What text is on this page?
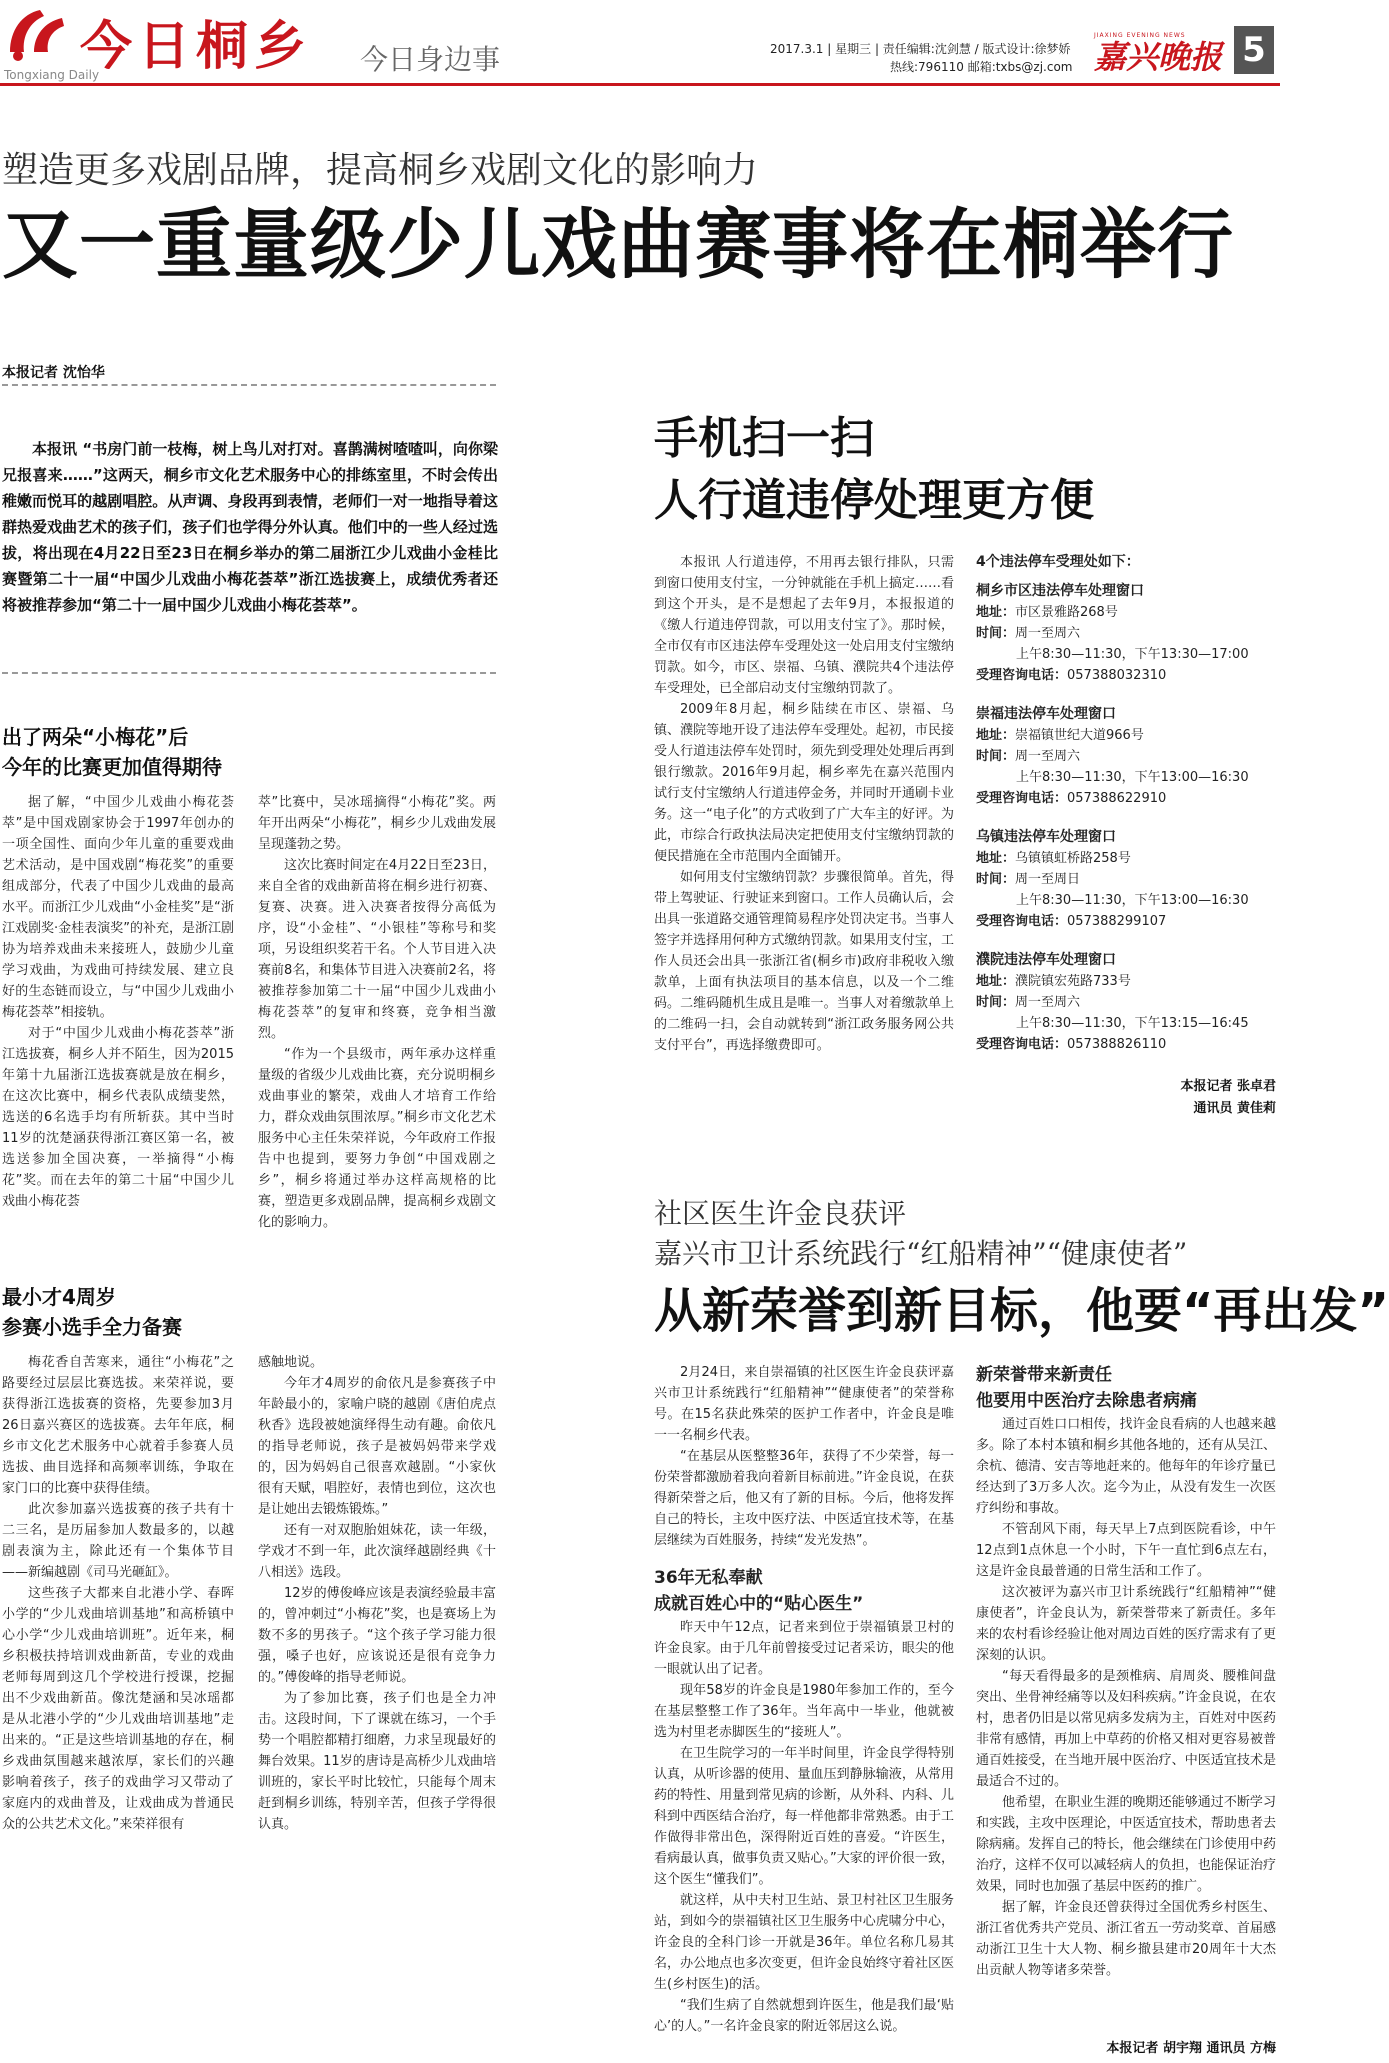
今日桐乡
Tongxiang Daily	今日身边事	2017.3.1 | 星期三 | 责任编辑:沈剑慧 / 版式设计:徐梦娇
热线:796110 邮箱:txbs@zj.com
JIAXING EVENING NEWS
嘉兴晚报 5
塑造更多戏剧品牌，提高桐乡戏剧文化的影响力
又一重量级少儿戏曲赛事将在桐举行
本报记者 沈怡华
本报讯 “书房门前一枝梅，树上鸟儿对打对。喜鹊满树喳喳叫，向你梁兄报喜来……”这两天，桐乡市文化艺术服务中心的排练室里，不时会传出稚嫩而悦耳的越剧唱腔。从声调、身段再到表情，老师们一对一地指导着这群热爱戏曲艺术的孩子们，孩子们也学得分外认真。他们中的一些人经过选拔，将出现在4月22日至23日在桐乡举办的第二届浙江少儿戏曲小金桂比赛暨第二十一届“中国少儿戏曲小梅花荟萃”浙江选拔赛上，成绩优秀者还将被推荐参加“第二十一届中国少儿戏曲小梅花荟萃”。
出了两朵“小梅花”后
今年的比赛更加值得期待

据了解，“中国少儿戏曲小梅花荟萃”是中国戏剧家协会于1997年创办的一项全国性、面向少年儿童的重要戏曲艺术活动，是中国戏剧“梅花奖”的重要组成部分，代表了中国少儿戏曲的最高水平。而浙江少儿戏曲“小金桂奖”是“浙江戏剧奖·金桂表演奖”的补充，是浙江剧协为培养戏曲未来接班人，鼓励少儿童学习戏曲，为戏曲可持续发展、建立良好的生态链而设立，与“中国少儿戏曲小梅花荟萃”相接轨。

对于“中国少儿戏曲小梅花荟萃”浙江选拔赛，桐乡人并不陌生，因为2015年第十九届浙江选拔赛就是放在桐乡，在这次比赛中，桐乡代表队成绩斐然，选送的6名选手均有所斩获。其中当时11岁的沈楚涵获得浙江赛区第一名，被选送参加全国决赛，一举摘得“小梅花”奖。而在去年的第二十届“中国少儿戏曲小梅花荟

萃”比赛中，吴冰瑶摘得“小梅花”奖。两年开出两朵“小梅花”，桐乡少儿戏曲发展呈现蓬勃之势。

这次比赛时间定在4月22日至23日，来自全省的戏曲新苗将在桐乡进行初赛、复赛、决赛。进入决赛者按得分高低为序，设“小金桂”、“小银桂”等称号和奖项，另设组织奖若干名。个人节目进入决赛前8名，和集体节目进入决赛前2名，将被推荐参加第二十一届“中国少儿戏曲小梅花荟萃”的复审和终赛，竞争相当激烈。

“作为一个县级市，两年承办这样重量级的省级少儿戏曲比赛，充分说明桐乡戏曲事业的繁荣，戏曲人才培育工作给力，群众戏曲氛围浓厚。”桐乡市文化艺术服务中心主任朱荣祥说，今年政府工作报告中也提到，要努力争创“中国戏剧之乡”，桐乡将通过举办这样高规格的比赛，塑造更多戏剧品牌，提高桐乡戏剧文化的影响力。

最小才4周岁
参赛小选手全力备赛

梅花香自苦寒来，通往“小梅花”之路要经过层层比赛选拔。来荣祥说，要获得浙江选拔赛的资格，先要参加3月26日嘉兴赛区的选拔赛。去年年底，桐乡市文化艺术服务中心就着手参赛人员选拔、曲目选择和高频率训练，争取在家门口的比赛中获得佳绩。

此次参加嘉兴选拔赛的孩子共有十二三名，是历届参加人数最多的，以越剧表演为主，除此还有一个集体节目——新编越剧《司马光砸缸》。

这些孩子大都来自北港小学、春晖小学的“少儿戏曲培训基地”和高桥镇中心小学“少儿戏曲培训班”。近年来，桐乡积极扶持培训戏曲新苗，专业的戏曲老师每周到这几个学校进行授课，挖掘出不少戏曲新苗。像沈楚涵和吴冰瑶都是从北港小学的“少儿戏曲培训基地”走出来的。“正是这些培训基地的存在，桐乡戏曲氛围越来越浓厚，家长们的兴趣影响着孩子，孩子的戏曲学习又带动了家庭内的戏曲普及，让戏曲成为普通民众的公共艺术文化。”来荣祥很有

感触地说。

今年才4周岁的俞依凡是参赛孩子中年龄最小的，家喻户晓的越剧《唐伯虎点秋香》选段被她演绎得生动有趣。俞依凡的指导老师说，孩子是被妈妈带来学戏的，因为妈妈自己很喜欢越剧。“小家伙很有天赋，唱腔好，表情也到位，这次也是让她出去锻炼锻炼。”

还有一对双胞胎姐妹花，读一年级，学戏才不到一年，此次演绎越剧经典《十八相送》选段。

12岁的傅俊峰应该是表演经验最丰富的，曾冲刺过“小梅花”奖，也是赛场上为数不多的男孩子。“这个孩子学习能力很强，嗓子也好，应该说还是很有竞争力的。”傅俊峰的指导老师说。

为了参加比赛，孩子们也是全力冲击。这段时间，下了课就在练习，一个手势一个唱腔都精打细磨，力求呈现最好的舞台效果。11岁的唐诗是高桥少儿戏曲培训班的，家长平时比较忙，只能每个周末赶到桐乡训练，特别辛苦，但孩子学得很认真。

手机扫一扫
人行道违停处理更方便

本报讯 人行道违停，不用再去银行排队，只需到窗口使用支付宝，一分钟就能在手机上搞定……看到这个开头，是不是想起了去年9月，本报报道的《缴人行道违停罚款，可以用支付宝了》。那时候，全市仅有市区违法停车受理处这一处启用支付宝缴纳罚款。如今，市区、崇福、乌镇、濮院共4个违法停车受理处，已全部启动支付宝缴纳罚款了。

2009年8月起，桐乡陆续在市区、崇福、乌镇、濮院等地开设了违法停车受理处。起初，市民接受人行道违法停车处罚时，须先到受理处处理后再到银行缴款。2016年9月起，桐乡率先在嘉兴范围内试行支付宝缴纳人行道违停金务，并同时开通刷卡业务。这一“电子化”的方式收到了广大车主的好评。为此，市综合行政执法局决定把使用支付宝缴纳罚款的便民措施在全市范围内全面铺开。

如何用支付宝缴纳罚款？步骤很简单。首先，得带上驾驶证、行驶证来到窗口。工作人员确认后，会出具一张道路交通管理简易程序处罚决定书。当事人签字并选择用何种方式缴纳罚款。如果用支付宝，工作人员还会出具一张浙江省(桐乡市)政府非税收入缴款单，上面有执法项目的基本信息，以及一个二维码。二维码随机生成且是唯一。当事人对着缴款单上的二维码一扫，会自动就转到“浙江政务服务网公共支付平台”，再选择缴费即可。

4个违法停车受理处如下：
桐乡市区违法停车处理窗口
地址：市区景雅路268号
时间：周一至周六
上午8:30—11:30，下午13:30—17:00
受理咨询电话：057388032310
崇福违法停车处理窗口
地址：崇福镇世纪大道966号
时间：周一至周六
上午8:30—11:30，下午13:00—16:30
受理咨询电话：057388622910
乌镇违法停车处理窗口
地址：乌镇镇虹桥路258号
时间：周一至周日
上午8:30—11:30，下午13:00—16:30
受理咨询电话：057388299107
濮院违法停车处理窗口
地址：濮院镇宏苑路733号
时间：周一至周六
上午8:30—11:30，下午13:15—16:45
受理咨询电话：057388826110
本报记者 张卓君
通讯员 黄佳莉
社区医生许金良获评
嘉兴市卫计系统践行“红船精神”“健康使者”
从新荣誉到新目标，他要“再出发”

2月24日，来自崇福镇的社区医生许金良获评嘉兴市卫计系统践行“红船精神”“健康使者”的荣誉称号。在15名获此殊荣的医护工作者中，许金良是唯一一名桐乡代表。

“在基层从医整整36年，获得了不少荣誉，每一份荣誉都激励着我向着新目标前进。”许金良说，在获得新荣誉之后，他又有了新的目标。今后，他将发挥自己的特长，主攻中医疗法、中医适宜技术等，在基层继续为百姓服务，持续“发光发热”。

36年无私奉献
成就百姓心中的“贴心医生”

昨天中午12点，记者来到位于崇福镇景卫村的许金良家。由于几年前曾接受过记者采访，眼尖的他一眼就认出了记者。

现年58岁的许金良是1980年参加工作的，至今在基层整整工作了36年。当年高中一毕业，他就被选为村里老赤脚医生的“接班人”。

在卫生院学习的一年半时间里，许金良学得特别认真，从听诊器的使用、量血压到静脉输液，从常用药的特性、用量到常见病的诊断，从外科、内科、儿科到中西医结合治疗，每一样他都非常熟悉。由于工作做得非常出色，深得附近百姓的喜爱。“许医生，看病最认真，做事负责又贴心。”大家的评价很一致，这个医生“懂我们”。

就这样，从中夫村卫生站、景卫村社区卫生服务站，到如今的崇福镇社区卫生服务中心虎啸分中心，许金良的全科门诊一开就是36年。单位名称几易其名，办公地点也多次变更，但许金良始终守着社区医生(乡村医生)的活。

“我们生病了自然就想到许医生，他是我们最‘贴心’的人。”一名许金良家的附近邻居这么说。

新荣誉带来新责任
他要用中医治疗去除患者病痛

通过百姓口口相传，找许金良看病的人也越来越多。除了本村本镇和桐乡其他各地的，还有从吴江、余杭、德清、安吉等地赶来的。他每年的年诊疗量已经达到了3万多人次。迄今为止，从没有发生一次医疗纠纷和事故。

不管刮风下雨，每天早上7点到医院看诊，中午12点到1点休息一个小时，下午一直忙到6点左右，这是许金良最普通的日常生活和工作了。

这次被评为嘉兴市卫计系统践行“红船精神”“健康使者”，许金良认为，新荣誉带来了新责任。多年来的农村看诊经验让他对周边百姓的医疗需求有了更深刻的认识。

“每天看得最多的是颈椎病、肩周炎、腰椎间盘突出、坐骨神经痛等以及妇科疾病。”许金良说，在农村，患者仍旧是以常见病多发病为主，百姓对中医药非常有感情，再加上中草药的价格又相对更容易被普通百姓接受，在当地开展中医治疗、中医适宜技术是最适合不过的。

他希望，在职业生涯的晚期还能够通过不断学习和实践，主攻中医理论，中医适宜技术，帮助患者去除病痛。发挥自己的特长，他会继续在门诊使用中药治疗，这样不仅可以减轻病人的负担，也能保证治疗效果，同时也加强了基层中医药的推广。

据了解，许金良还曾获得过全国优秀乡村医生、浙江省优秀共产党员、浙江省五一劳动奖章、首届感动浙江卫生十大人物、桐乡撤县建市20周年十大杰出贡献人物等诸多荣誉。

本报记者 胡宇翔 通讯员 方梅
